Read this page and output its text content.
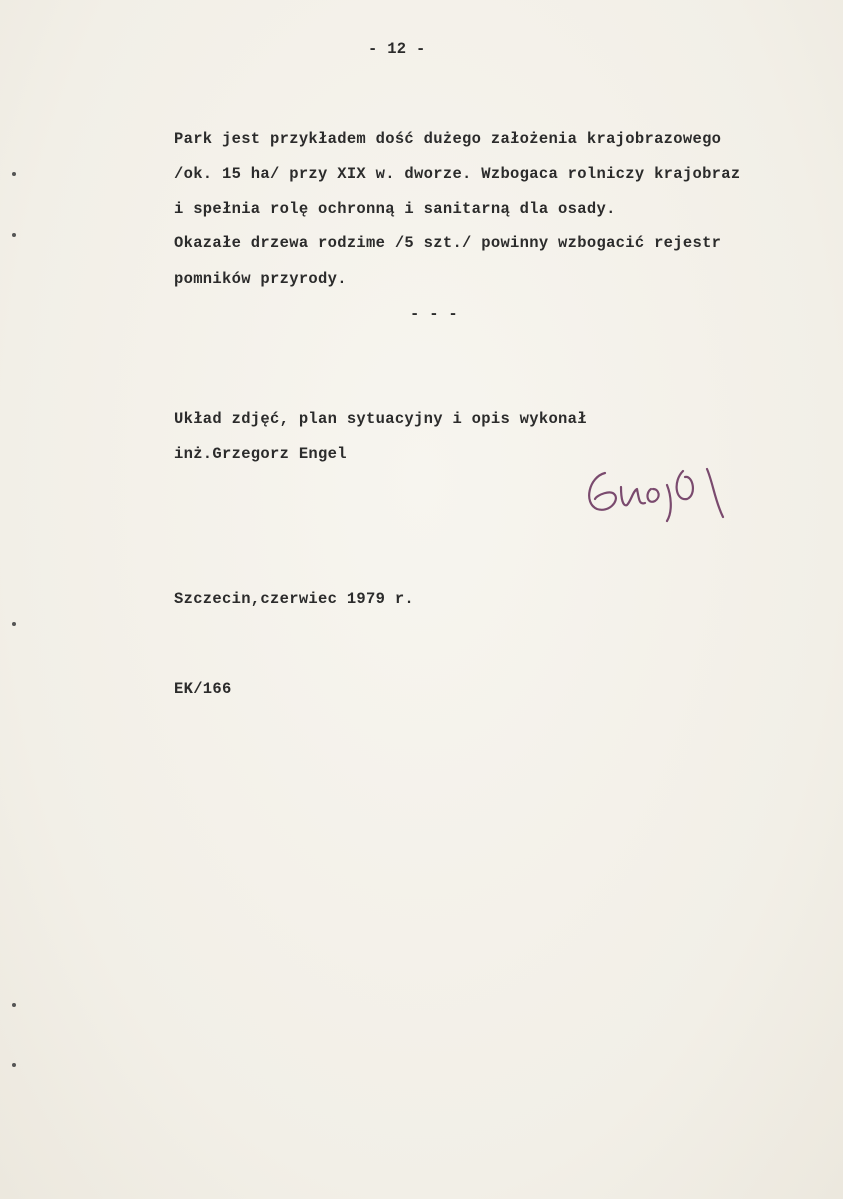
- 12 -
Park jest przykładem dość dużego założenia krajobrazowego
/ok. 15 ha/ przy XIX w. dworze. Wzbogaca rolniczy krajobraz
i spełnia rolę ochronną i sanitarną dla osady.
Okazałe drzewa rodzime /5 szt./ powinny wzbogacić rejestr
pomników przyrody.
- - -
Układ zdjęć, plan sytuacyjny i opis wykonał
inż.Grzegorz Engel
Szczecin,czerwiec 1979 r.
EK/166
